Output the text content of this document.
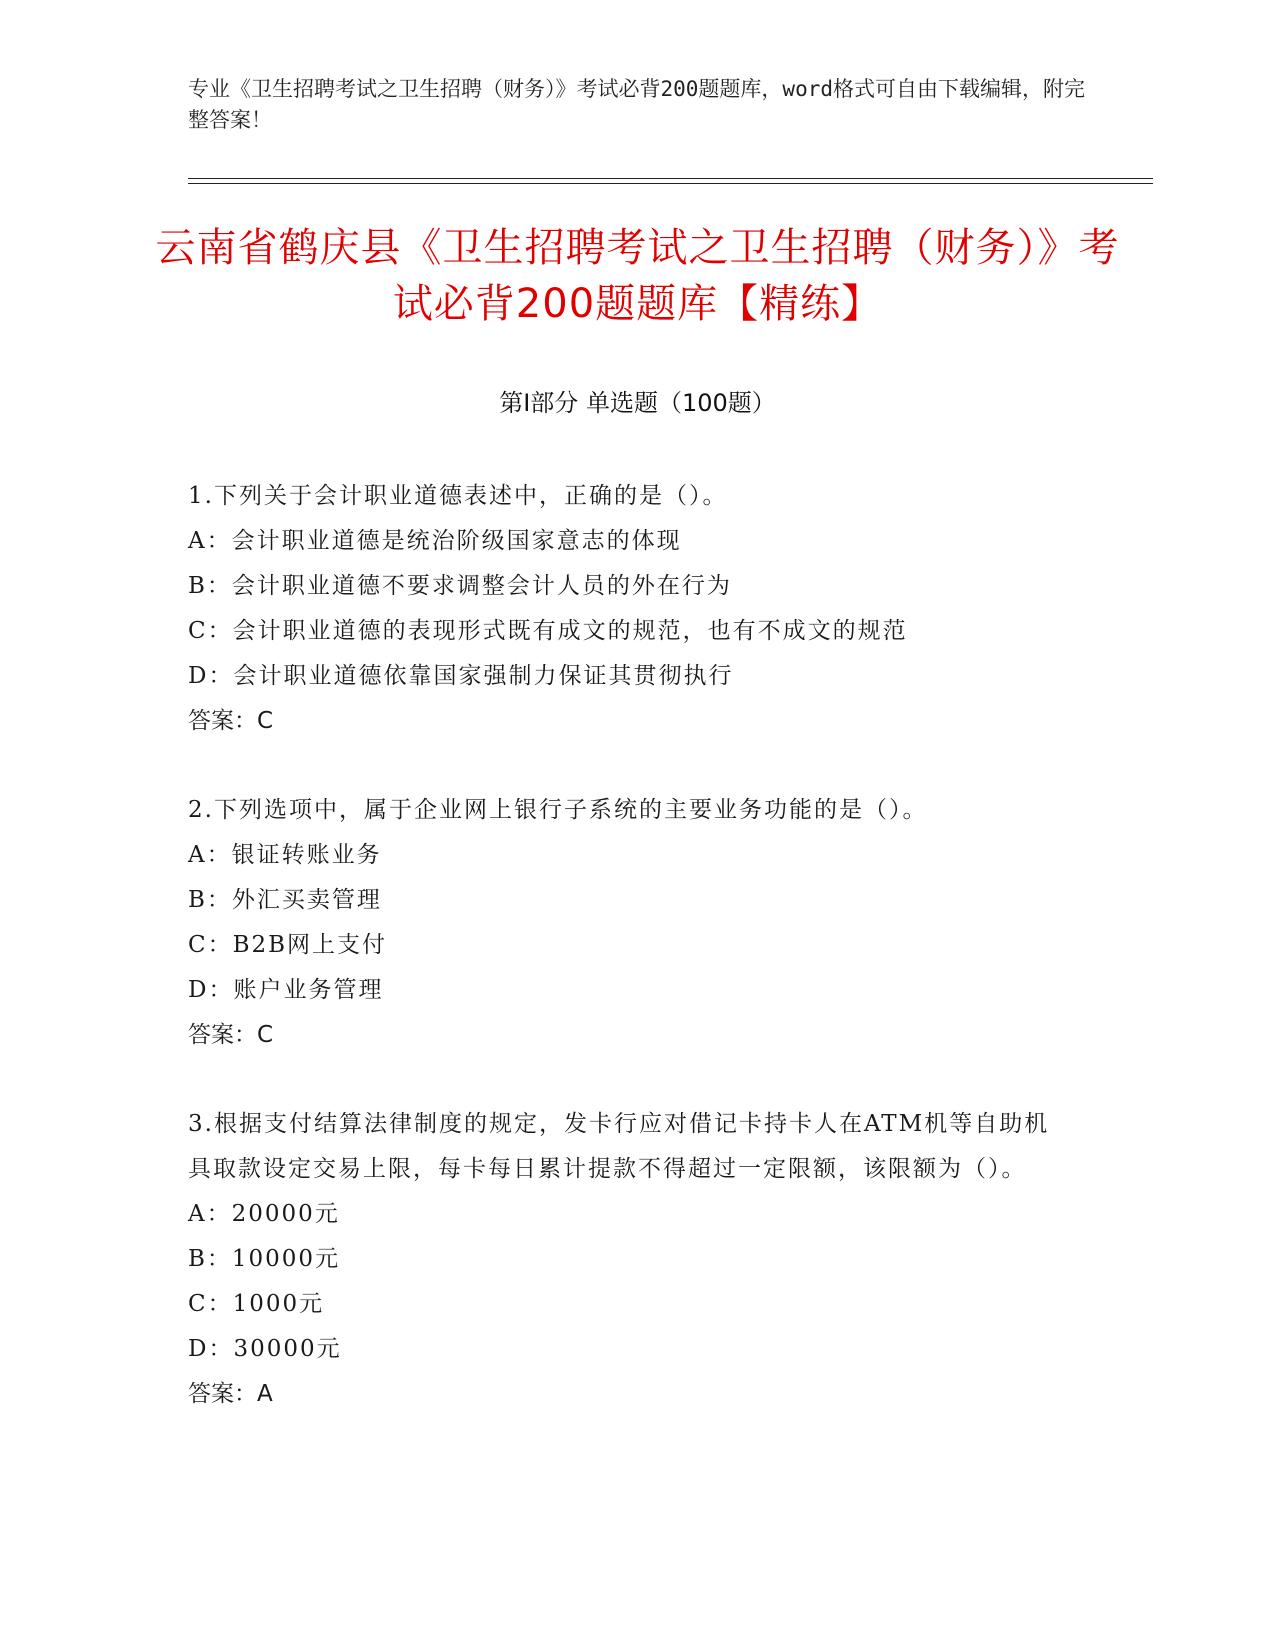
专业《卫生招聘考试之卫生招聘（财务）》考试必背200题题库，word格式可自由下载编辑，附完整答案！
云南省鹤庆县《卫生招聘考试之卫生招聘（财务）》考试必背200题题库【精练】
第I部分 单选题（100题）
1.下列关于会计职业道德表述中，正确的是（）。
A：会计职业道德是统治阶级国家意志的体现
B：会计职业道德不要求调整会计人员的外在行为
C：会计职业道德的表现形式既有成文的规范，也有不成文的规范
D：会计职业道德依靠国家强制力保证其贯彻执行
答案：C
2.下列选项中，属于企业网上银行子系统的主要业务功能的是（）。
A：银证转账业务
B：外汇买卖管理
C：B2B网上支付
D：账户业务管理
答案：C
3.根据支付结算法律制度的规定，发卡行应对借记卡持卡人在ATM机等自助机具取款设定交易上限，每卡每日累计提款不得超过一定限额，该限额为（）。
A：20000元
B：10000元
C：1000元
D：30000元
答案：A
